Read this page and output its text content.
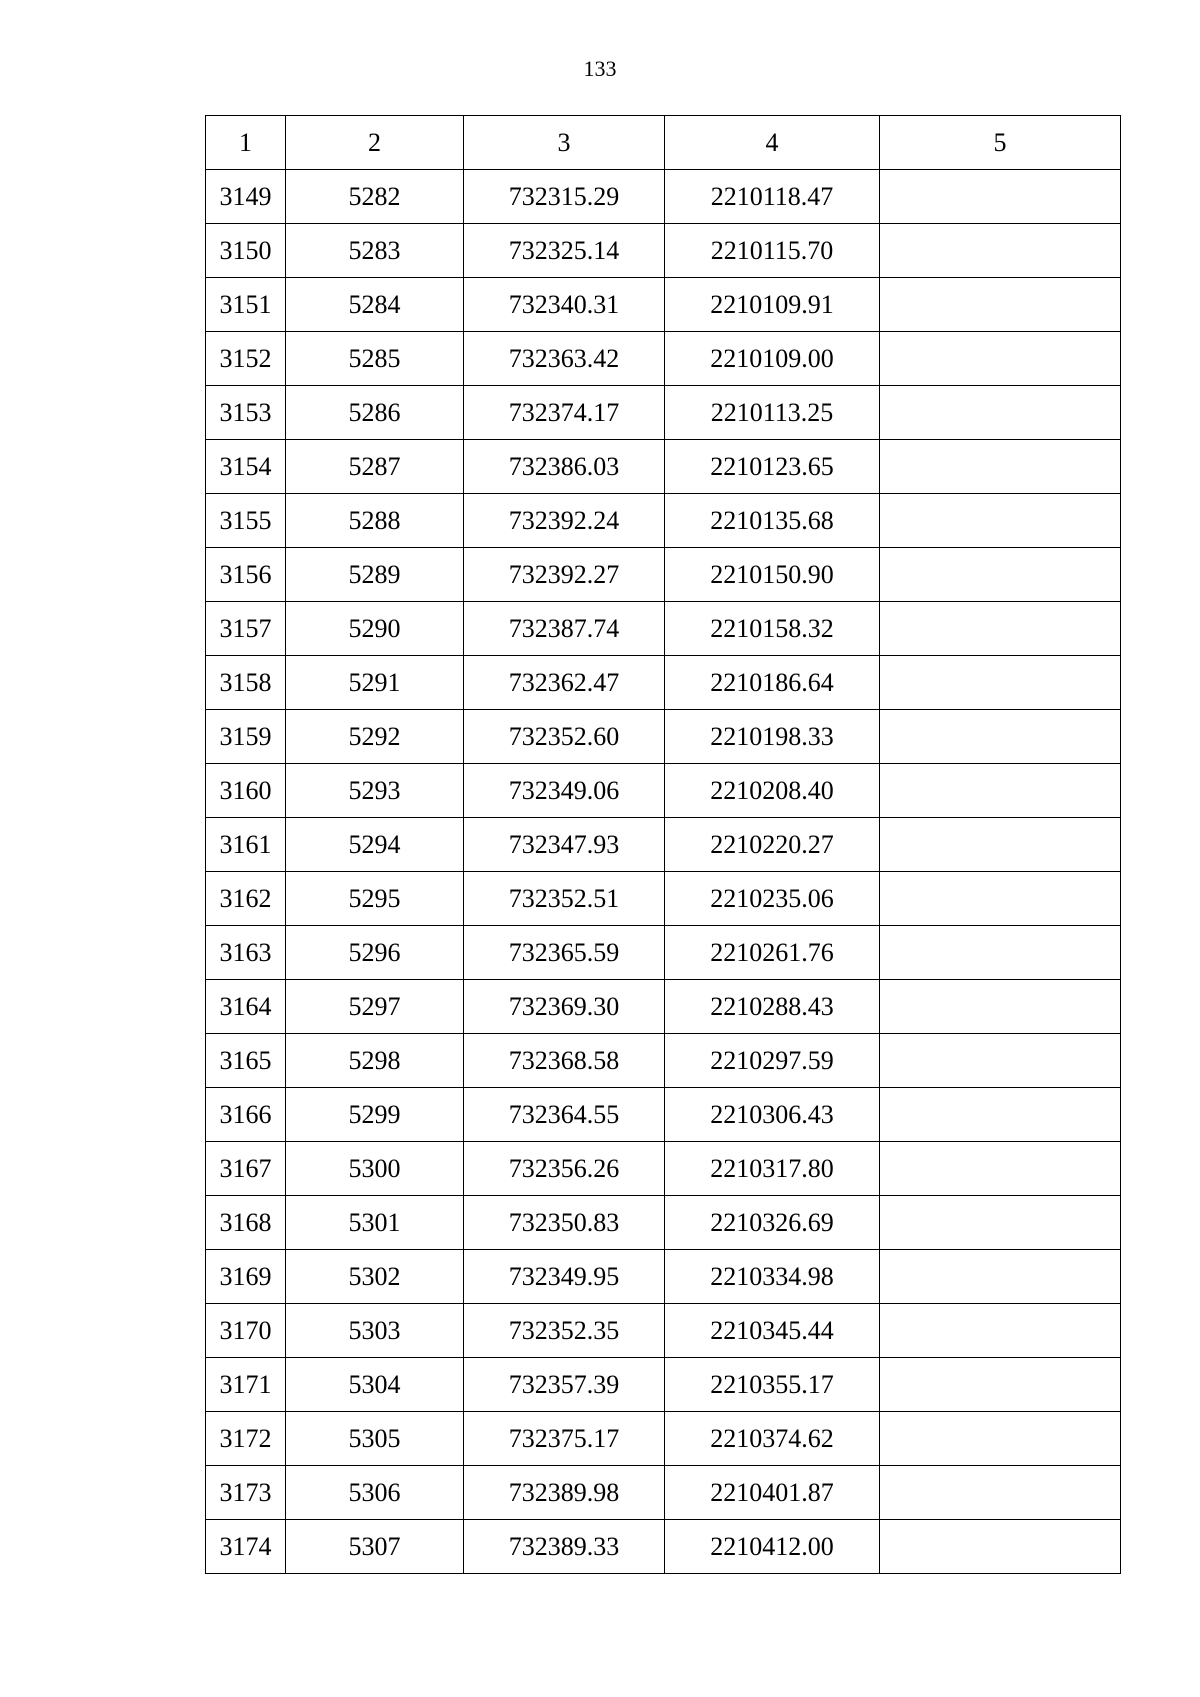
133
1	2	3	4	5
3149	5282	732315.29	2210118.47	
3150	5283	732325.14	2210115.70	
3151	5284	732340.31	2210109.91	
3152	5285	732363.42	2210109.00	
3153	5286	732374.17	2210113.25	
3154	5287	732386.03	2210123.65	
3155	5288	732392.24	2210135.68	
3156	5289	732392.27	2210150.90	
3157	5290	732387.74	2210158.32	
3158	5291	732362.47	2210186.64	
3159	5292	732352.60	2210198.33	
3160	5293	732349.06	2210208.40	
3161	5294	732347.93	2210220.27	
3162	5295	732352.51	2210235.06	
3163	5296	732365.59	2210261.76	
3164	5297	732369.30	2210288.43	
3165	5298	732368.58	2210297.59	
3166	5299	732364.55	2210306.43	
3167	5300	732356.26	2210317.80	
3168	5301	732350.83	2210326.69	
3169	5302	732349.95	2210334.98	
3170	5303	732352.35	2210345.44	
3171	5304	732357.39	2210355.17	
3172	5305	732375.17	2210374.62	
3173	5306	732389.98	2210401.87	
3174	5307	732389.33	2210412.00	
